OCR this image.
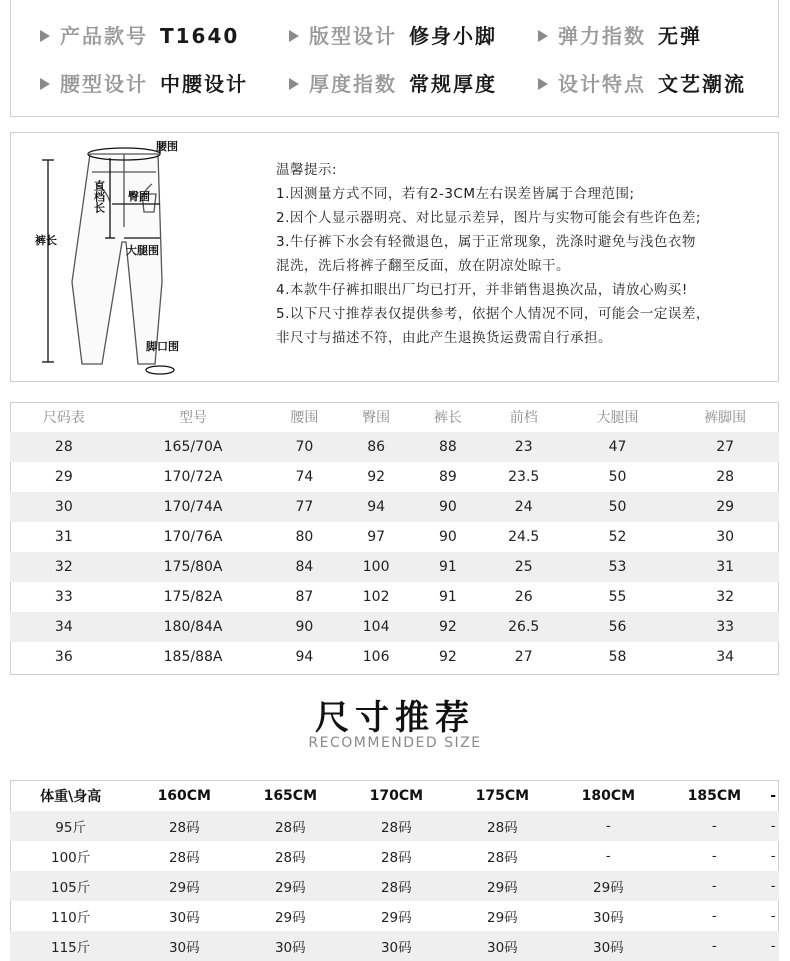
产品款号 T1640	版型设计 修身小脚	弹力指数 无弹
腰型设计 中腰设计	厚度指数 常规厚度	设计特点 文艺潮流
腰围
臀围
直档长
大腿围
裤长
脚口围
温馨提示:
1.因测量方式不同，若有2-3CM左右误差皆属于合理范围;
2.因个人显示器明亮、对比显示差异，图片与实物可能会有些许色差;
3.牛仔裤下水会有轻微退色，属于正常现象，洗涤时避免与浅色衣物
混洗，洗后将裤子翻至反面，放在阴凉处晾干。
4.本款牛仔裤扣眼出厂均已打开，并非销售退换次品，请放心购买!
5.以下尺寸推荐表仅提供参考，依据个人情况不同，可能会一定误差，
非尺寸与描述不符，由此产生退换货运费需自行承担。
尺码表	型号	腰围	臀围	裤长	前档	大腿围	裤脚围
28	165/70A	70	86	88	23	47	27
29	170/72A	74	92	89	23.5	50	28
30	170/74A	77	94	90	24	50	29
31	170/76A	80	97	90	24.5	52	30
32	175/80A	84	100	91	25	53	31
33	175/82A	87	102	91	26	55	32
34	180/84A	90	104	92	26.5	56	33
36	185/88A	94	106	92	27	58	34
尺寸推荐
RECOMMENDED SIZE
体重\身高	160CM	165CM	170CM	175CM	180CM	185CM	-
95斤	28码	28码	28码	28码	-	-	-
100斤	28码	28码	28码	28码	-	-	-
105斤	29码	29码	28码	29码	29码	-	-
110斤	30码	29码	29码	29码	30码	-	-
115斤	30码	30码	30码	30码	30码	-	-
